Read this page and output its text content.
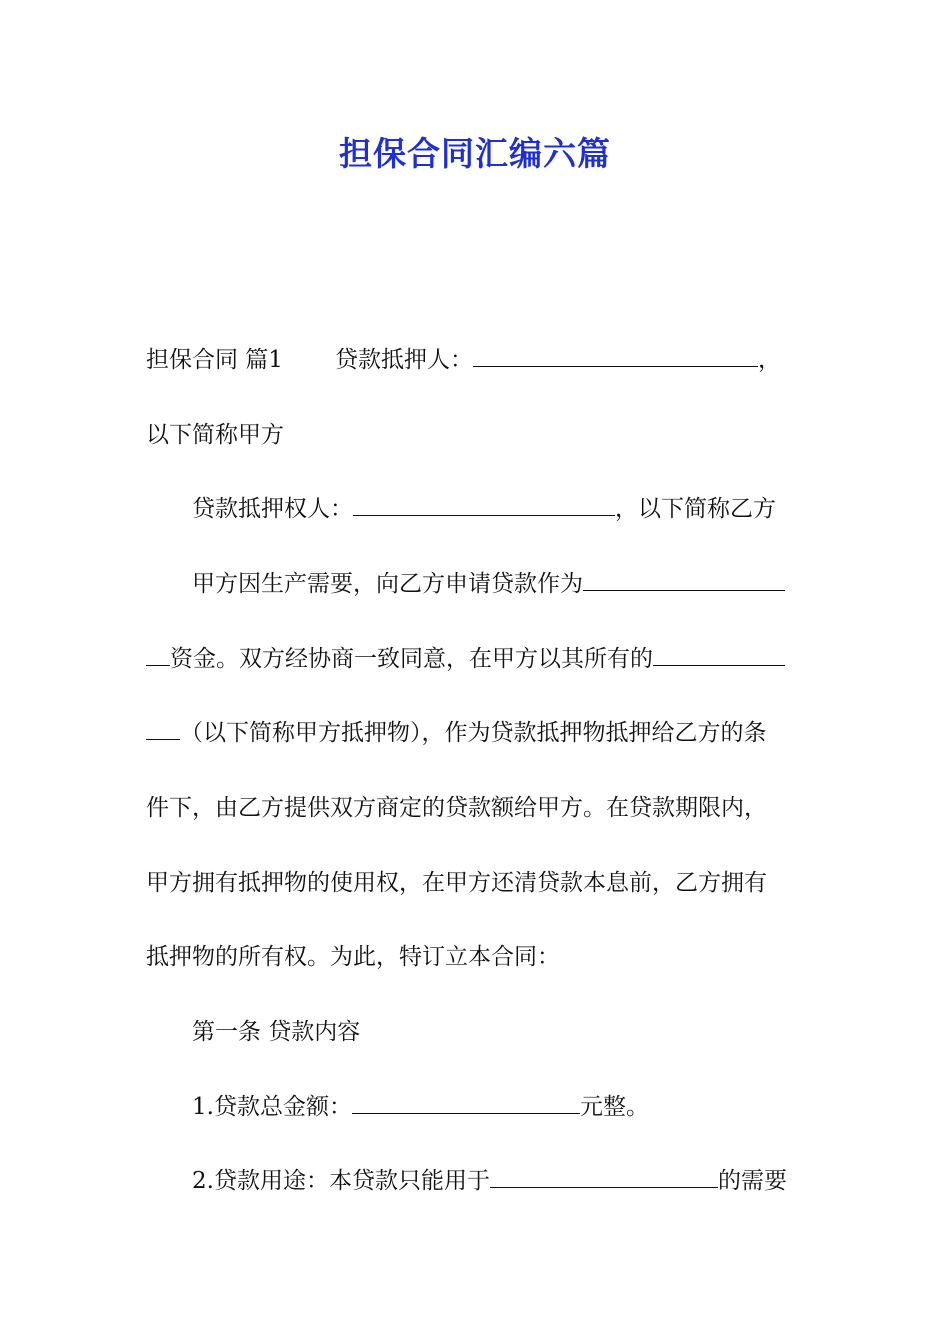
担保合同汇编六篇
担保合同 篇1 贷款抵押人：	，
以下简称甲方
贷款抵押权人：	，以下简称乙方
甲方因生产需要，向乙方申请贷款作为
资金。双方经协商一致同意，在甲方以其所有的
（以下简称甲方抵押物），作为贷款抵押物抵押给乙方的条
件下，由乙方提供双方商定的贷款额给甲方。在贷款期限内，
甲方拥有抵押物的使用权，在甲方还清贷款本息前，乙方拥有
抵押物的所有权。为此，特订立本合同：
第一条 贷款内容
1.贷款总金额：	元整。
2.贷款用途：本贷款只能用于	的需要
